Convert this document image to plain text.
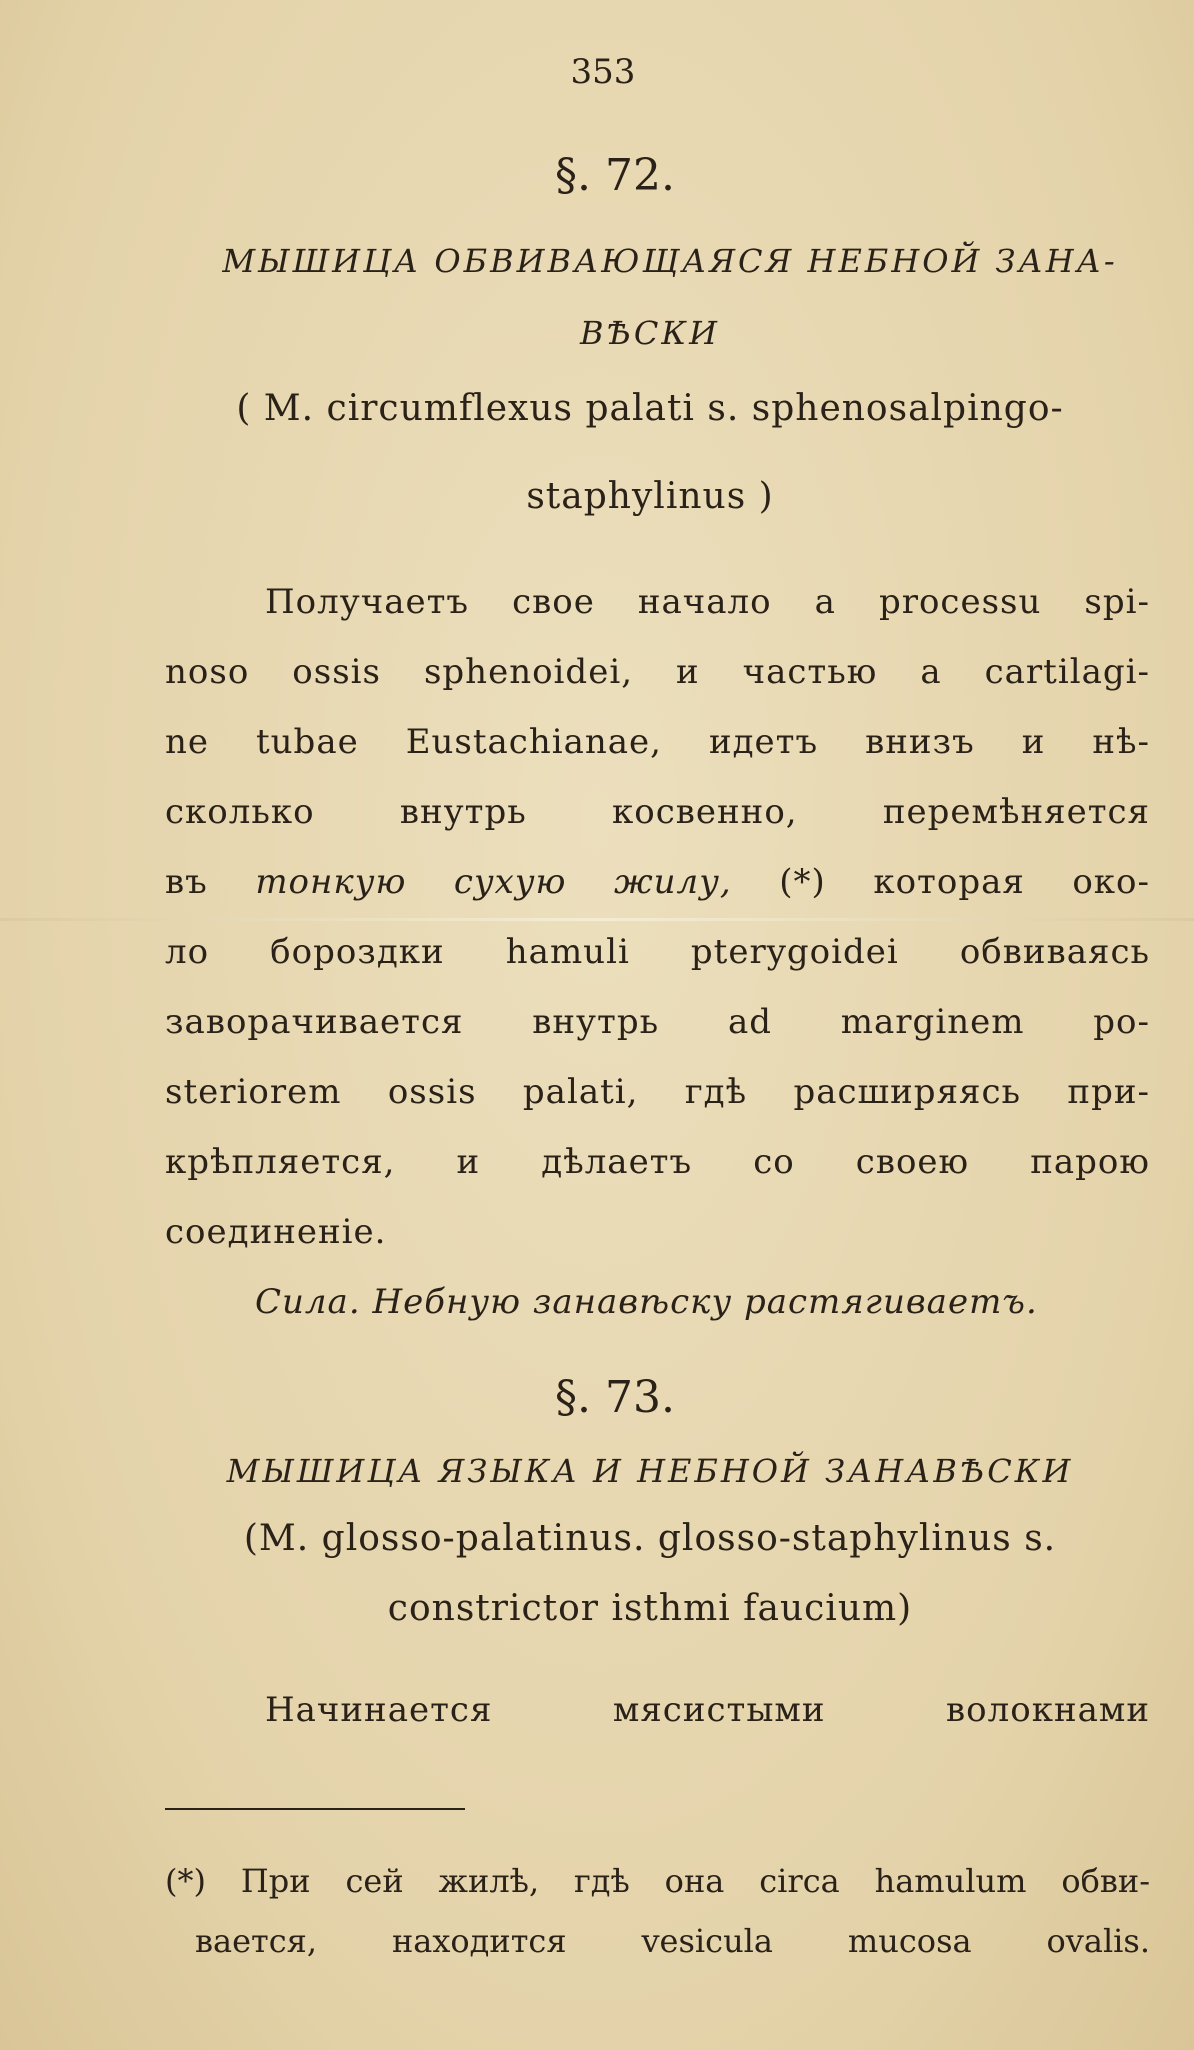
353
§. 72.
МЫШИЦА ОБВИВАЮЩАЯСЯ НЕБНОЙ ЗАНА-
ВѢСКИ
( M. circumflexus palati s. sphenosalpingo-
staphylinus )
Получаетъ свое начало a processu spi-
noso ossis sphenoidei, и частью a cartilagi-
ne tubae Eustachianae, идетъ внизъ и нѣ-
сколько внутрь косвенно, перемѣняется
въ тонкую сухую жилу, (*) которая око-
ло бороздки hamuli pterygoidei обвиваясь
заворачивается внутрь ad marginem po-
steriorem ossis palati, гдѣ расширяясь при-
крѣпляется, и дѣлаетъ со своею парою
соединеніе.
Сила. Небную занавѣску растягиваетъ.
§. 73.
МЫШИЦА ЯЗЫКА И НЕБНОЙ ЗАНАВѢСКИ
(M. glosso-palatinus. glosso-staphylinus s.
constrictor isthmi faucium)
Начинается мясистыми волокнами
(*) При сей жилѣ, гдѣ она circa hamulum обви-
вается, находится vesicula mucosa ovalis.
